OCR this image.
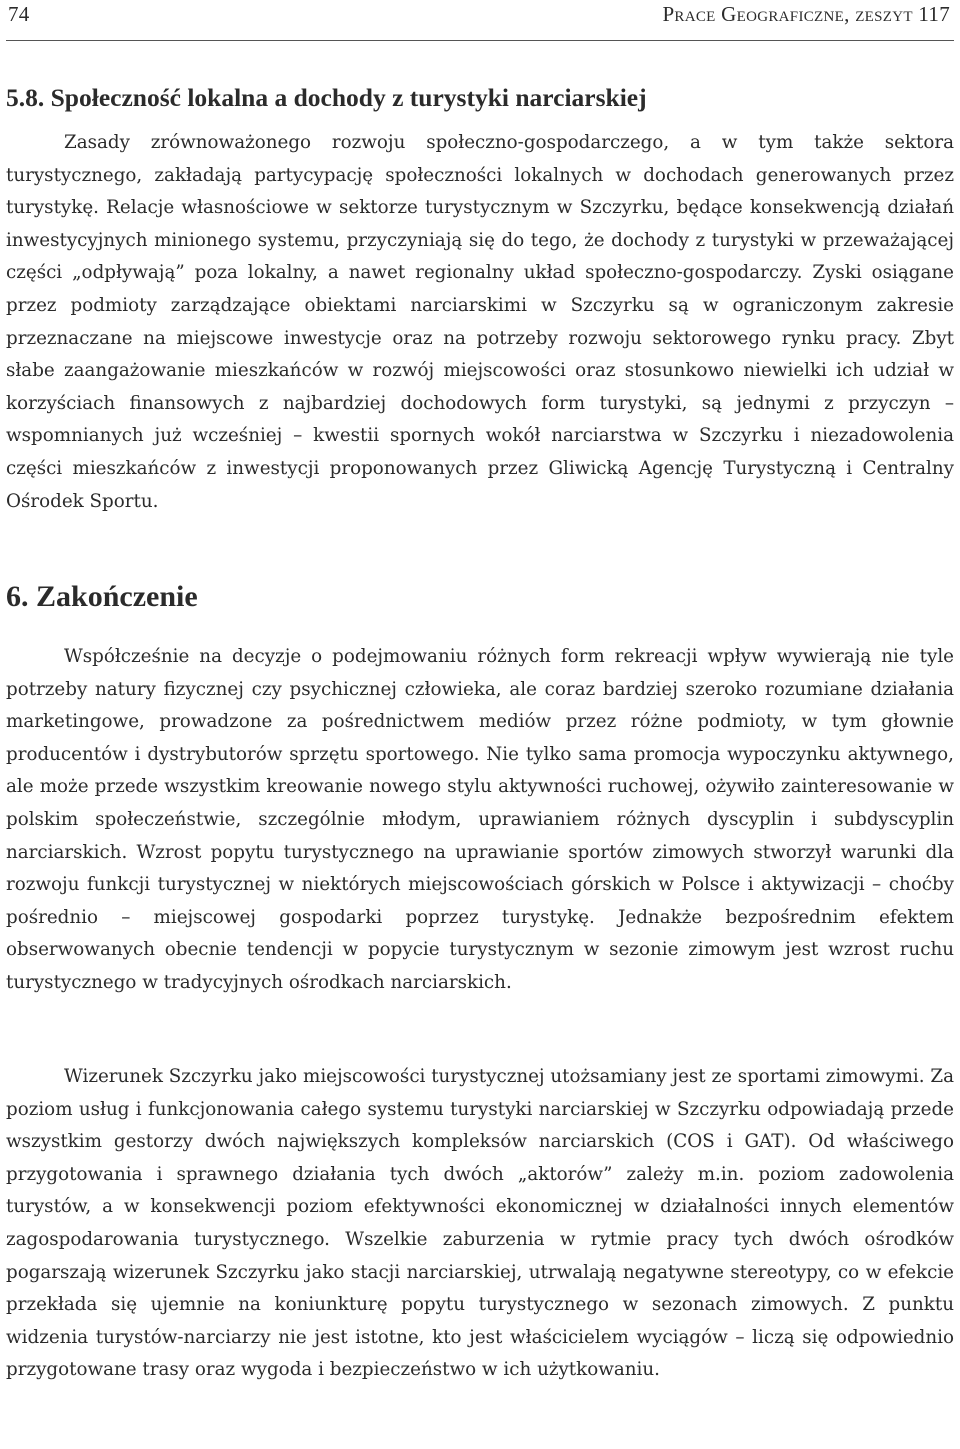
74	Prace Geograficzne, zeszyt 117
5.8. Społeczność lokalna a dochody z turystyki narciarskiej

Zasady zrównoważonego rozwoju społeczno-gospodarczego, a w tym także sektora turystycznego, zakładają partycypację społeczności lokalnych w dochodach generowanych przez turystykę. Relacje własnościowe w sektorze turystycznym w Szczyrku, będące konsekwencją działań inwestycyjnych minionego systemu, przyczyniają się do tego, że dochody z turystyki w przeważającej części „odpływają” poza lokalny, a nawet regionalny układ społeczno-gospodarczy. Zyski osiągane przez podmioty zarządzające obiektami narciarskimi w Szczyrku są w ograniczonym zakresie przeznaczane na miejscowe inwestycje oraz na potrzeby rozwoju sektorowego rynku pracy. Zbyt słabe zaangażowanie mieszkańców w rozwój miejscowości oraz stosunkowo niewielki ich udział w korzyściach finansowych z najbardziej dochodowych form turystyki, są jednymi z przyczyn – wspomnianych już wcześniej – kwestii spornych wokół narciarstwa w Szczyrku i niezadowolenia części mieszkańców z inwestycji proponowanych przez Gliwicką Agencję Turystyczną i Centralny Ośrodek Sportu.

6. Zakończenie

Współcześnie na decyzje o podejmowaniu różnych form rekreacji wpływ wywierają nie tyle potrzeby natury fizycznej czy psychicznej człowieka, ale coraz bardziej szeroko rozumiane działania marketingowe, prowadzone za pośrednictwem mediów przez różne podmioty, w tym głownie producentów i dystrybutorów sprzętu sportowego. Nie tylko sama promocja wypoczynku aktywnego, ale może przede wszystkim kreowanie nowego stylu aktywności ruchowej, ożywiło zainteresowanie w polskim społeczeństwie, szczególnie młodym, uprawianiem różnych dyscyplin i subdyscyplin narciarskich. Wzrost popytu turystycznego na uprawianie sportów zimowych stworzył warunki dla rozwoju funkcji turystycznej w niektórych miejscowościach górskich w Polsce i aktywizacji – choćby pośrednio – miejscowej gospodarki poprzez turystykę. Jednakże bezpośrednim efektem obserwowanych obecnie tendencji w popycie turystycznym w sezonie zimowym jest wzrost ruchu turystycznego w tradycyjnych ośrodkach narciarskich.

Wizerunek Szczyrku jako miejscowości turystycznej utożsamiany jest ze sportami zimowymi. Za poziom usług i funkcjonowania całego systemu turystyki narciarskiej w Szczyrku odpowiadają przede wszystkim gestorzy dwóch największych kompleksów narciarskich (COS i GAT). Od właściwego przygotowania i sprawnego działania tych dwóch „aktorów” zależy m.in. poziom zadowolenia turystów, a w konsekwencji poziom efektywności ekonomicznej w działalności innych elementów zagospodarowania turystycznego. Wszelkie zaburzenia w rytmie pracy tych dwóch ośrodków pogarszają wizerunek Szczyrku jako stacji narciarskiej, utrwalają negatywne stereotypy, co w efekcie przekłada się ujemnie na koniunkturę popytu turystycznego w sezonach zimowych. Z punktu widzenia turystów-narciarzy nie jest istotne, kto jest właścicielem wyciągów – liczą się odpowiednio przygotowane trasy oraz wygoda i bezpieczeństwo w ich użytkowaniu.
